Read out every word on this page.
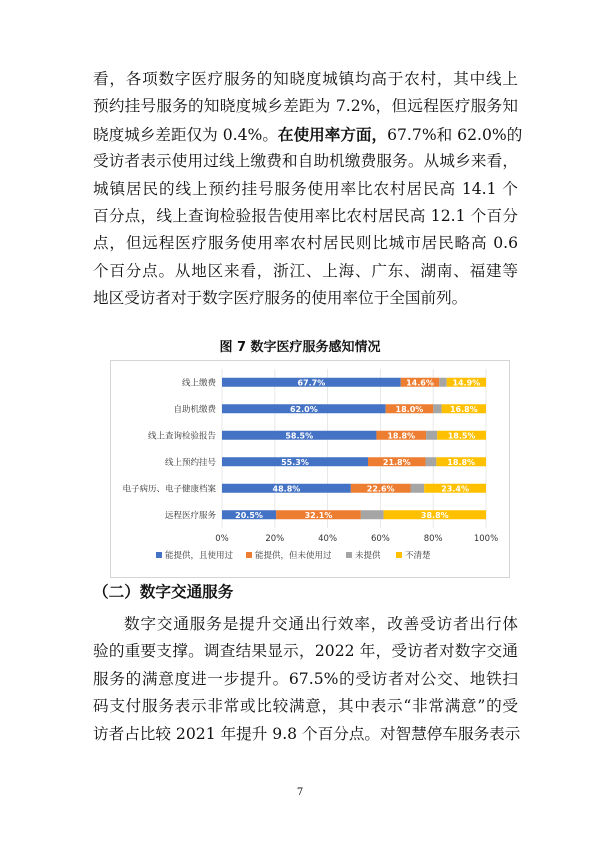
看，各项数字医疗服务的知晓度城镇均高于农村，其中线上
预约挂号服务的知晓度城乡差距为 7.2%，但远程医疗服务知
晓度城乡差距仅为 0.4%。在使用率方面，67.7%和 62.0%的
受访者表示使用过线上缴费和自助机缴费服务。从城乡来看，
城镇居民的线上预约挂号服务使用率比农村居民高 14.1 个
百分点，线上查询检验报告使用率比农村居民高 12.1 个百分
点，但远程医疗服务使用率农村居民则比城市居民略高 0.6
个百分点。从地区来看，浙江、上海、广东、湖南、福建等
地区受访者对于数字医疗服务的使用率位于全国前列。
图 7 数字医疗服务感知情况
0%	20%	40%	60%	80%	100%
线上缴费	67.7%	14.6% 14.9%
自助机缴费	62.0%	18.0%	16.8%
线上查询检验报告	58.5%	18.8%	18.5%
线上预约挂号	55.3%	21.8%	18.8%
电子病历、电子健康档案	48.8%	22.6%	23.4%
远程医疗服务 20.5%	32.1%	38.8%
能提供，且使用过	能提供，但未使用过	未提供	不清楚
（二）数字交通服务
数字交通服务是提升交通出行效率，改善受访者出行体
验的重要支撑。调查结果显示，2022 年，受访者对数字交通
服务的满意度进一步提升。67.5%的受访者对公交、地铁扫
码支付服务表示非常或比较满意，其中表示“非常满意”的受
访者占比较 2021 年提升 9.8 个百分点。对智慧停车服务表示
7
